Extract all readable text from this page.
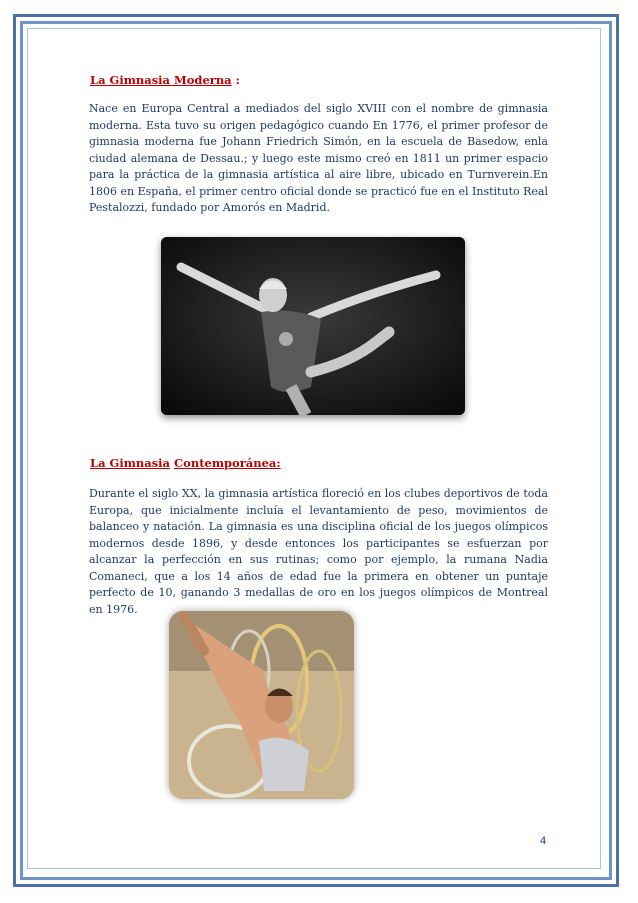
La Gimnasia Moderna :
Nace en Europa Central a mediados del siglo XVIII con el nombre de gimnasia moderna. Esta tuvo su origen pedagógico cuando En 1776, el primer profesor de gimnasia moderna fue Johann Friedrich Simón, en la escuela de Basedow, enla ciudad alemana de Dessau.; y luego este mismo creó en 1811 un primer espacio para la práctica de la gimnasia artística al aire libre, ubicado en Turnverein.En 1806 en España, el primer centro oficial donde se practicó fue en el Instituto Real Pestalozzi, fundado por Amorós en Madrid.
La Gimnasia Contemporánea:
Durante el siglo XX, la gimnasia artística floreció en los clubes deportivos de toda Europa, que inicialmente incluía el levantamiento de peso, movimientos de balanceo y natación. La gimnasia es una disciplina oficial de los juegos olímpicos modernos desde 1896, y desde entonces los participantes se esfuerzan por alcanzar la perfección en sus rutinas; como por ejemplo, la rumana Nadia Comaneci, que a los 14 años de edad fue la primera en obtener un puntaje perfecto de 10, ganando 3 medallas de oro en los juegos olímpicos de Montreal en 1976.
4
